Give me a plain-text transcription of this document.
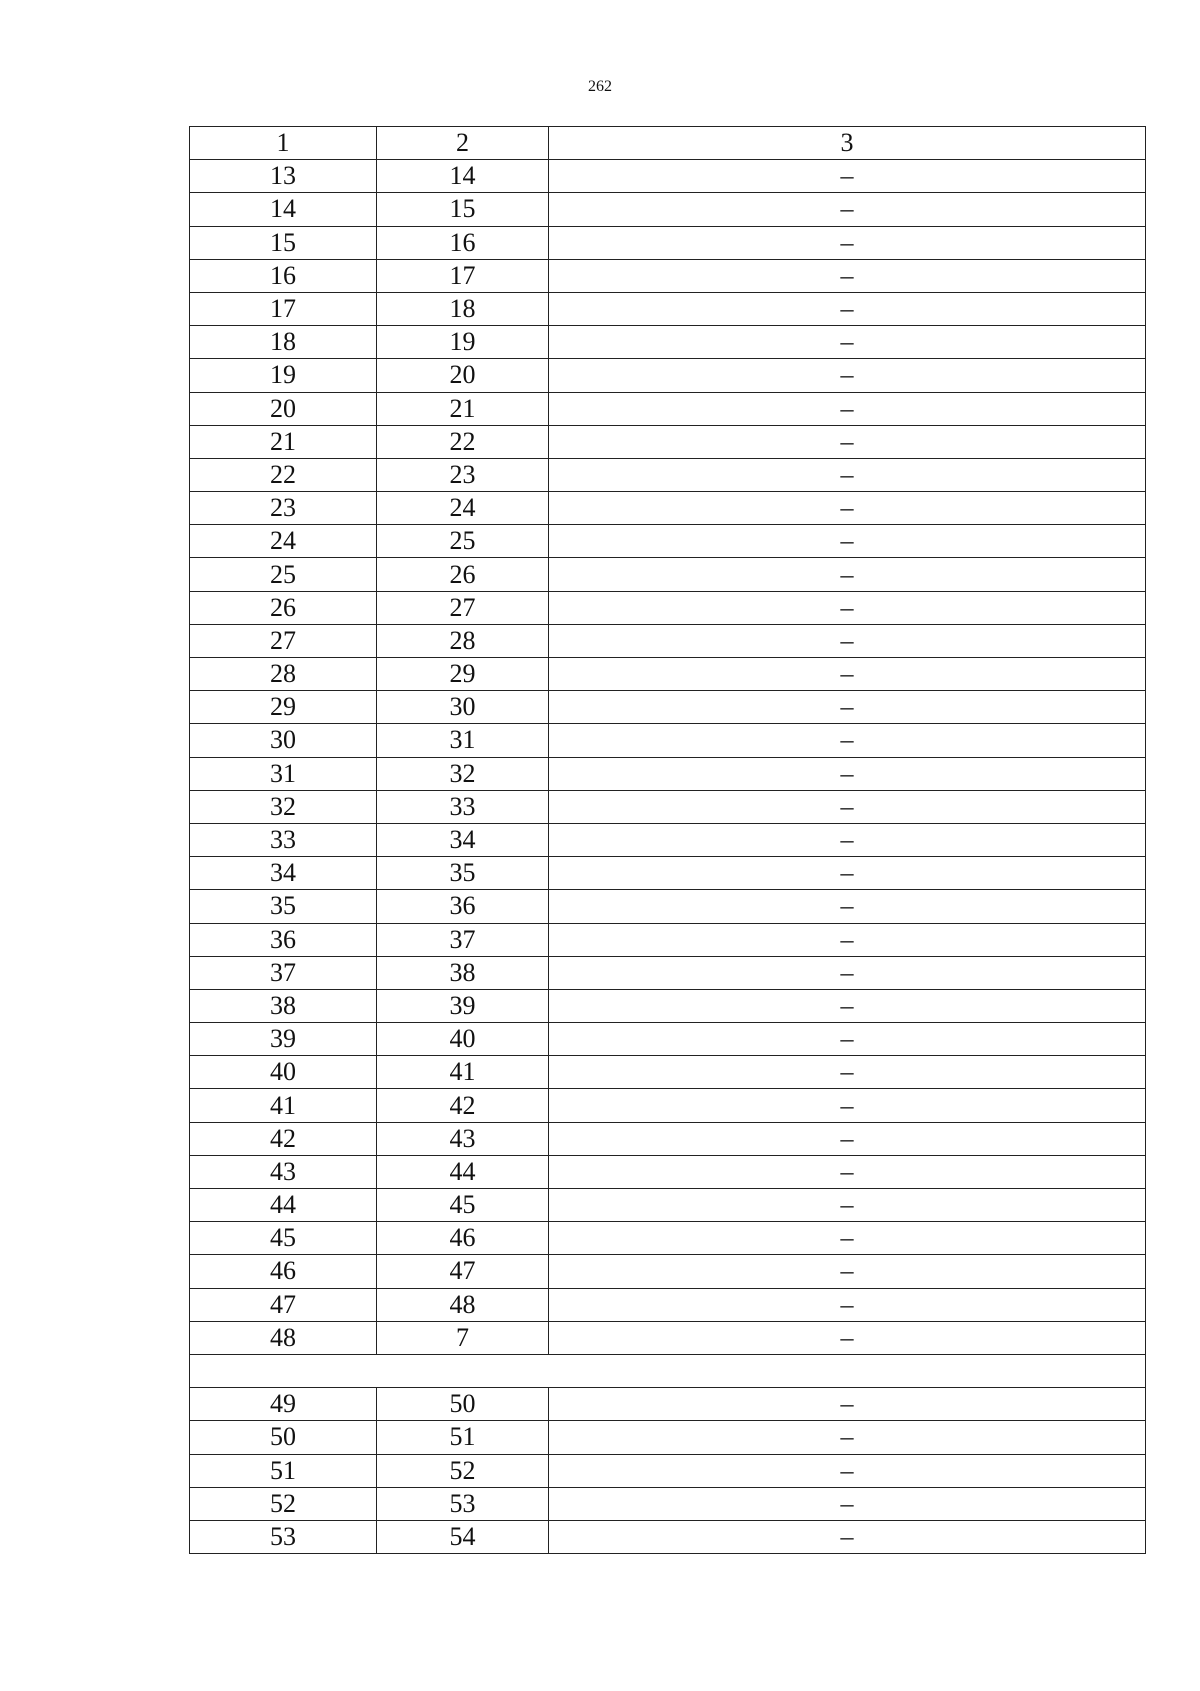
262
1	2	3
13	14	–
14	15	–
15	16	–
16	17	–
17	18	–
18	19	–
19	20	–
20	21	–
21	22	–
22	23	–
23	24	–
24	25	–
25	26	–
26	27	–
27	28	–
28	29	–
29	30	–
30	31	–
31	32	–
32	33	–
33	34	–
34	35	–
35	36	–
36	37	–
37	38	–
38	39	–
39	40	–
40	41	–
41	42	–
42	43	–
43	44	–
44	45	–
45	46	–
46	47	–
47	48	–
48	7	–

49	50	–
50	51	–
51	52	–
52	53	–
53	54	–
